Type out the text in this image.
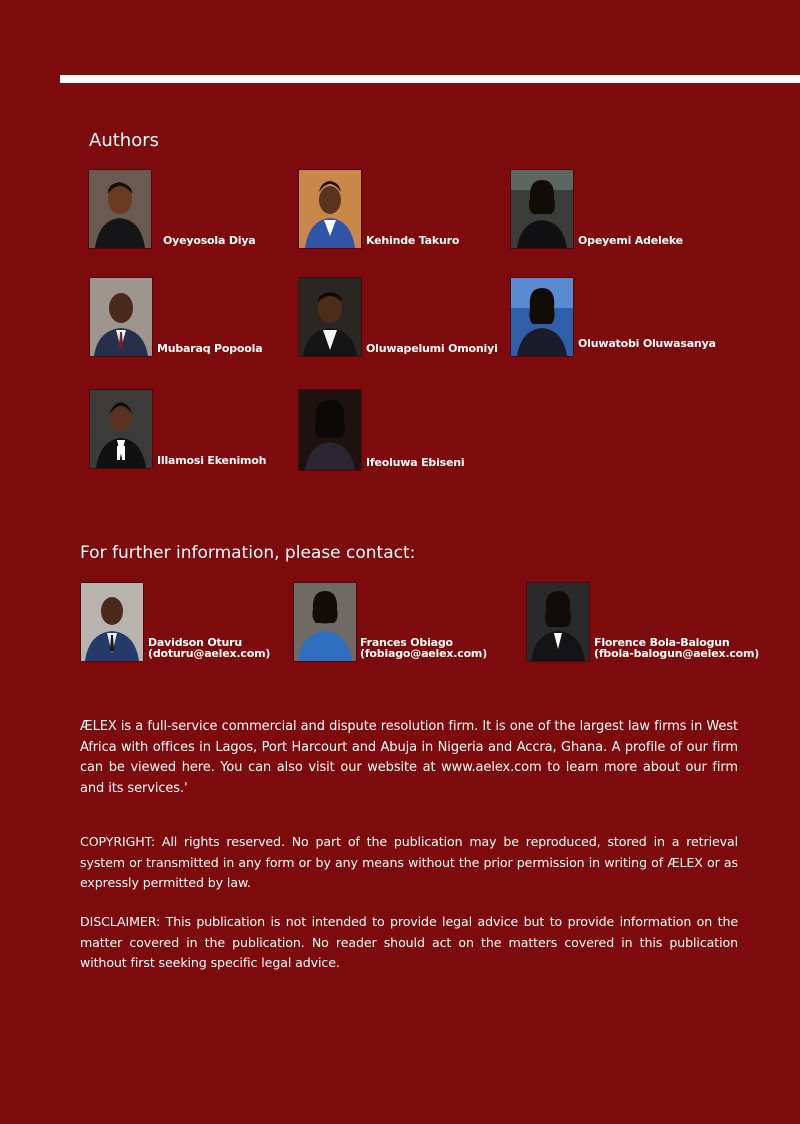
Authors
Oyeyosola Diya	Kehinde Takuro	Opeyemi Adeleke
Mubaraq Popoola	Oluwapelumi Omoniyi	Oluwatobi Oluwasanya
Illamosi Ekenimoh	Ifeoluwa Ebiseni
For further information, please contact:
Davidson Oturu
(doturu@aelex.com)
Frances Obiago
(fobiago@aelex.com)
Florence Bola-Balogun
(fbola-balogun@aelex.com)

ÆLEX is a full-service commercial and dispute resolution firm. It is one of the largest law firms in West Africa with offices in Lagos, Port Harcourt and Abuja in Nigeria and Accra, Ghana. A profile of our firm can be viewed here. You can also visit our website at www.aelex.com to learn more about our firm and its services.'

COPYRIGHT: All rights reserved. No part of the publication may be reproduced, stored in a retrieval system or transmitted in any form or by any means without the prior permission in writing of ÆLEX or as expressly permitted by law.

DISCLAIMER: This publication is not intended to provide legal advice but to provide information on the matter covered in the publication. No reader should act on the matters covered in this publication without first seeking specific legal advice.
